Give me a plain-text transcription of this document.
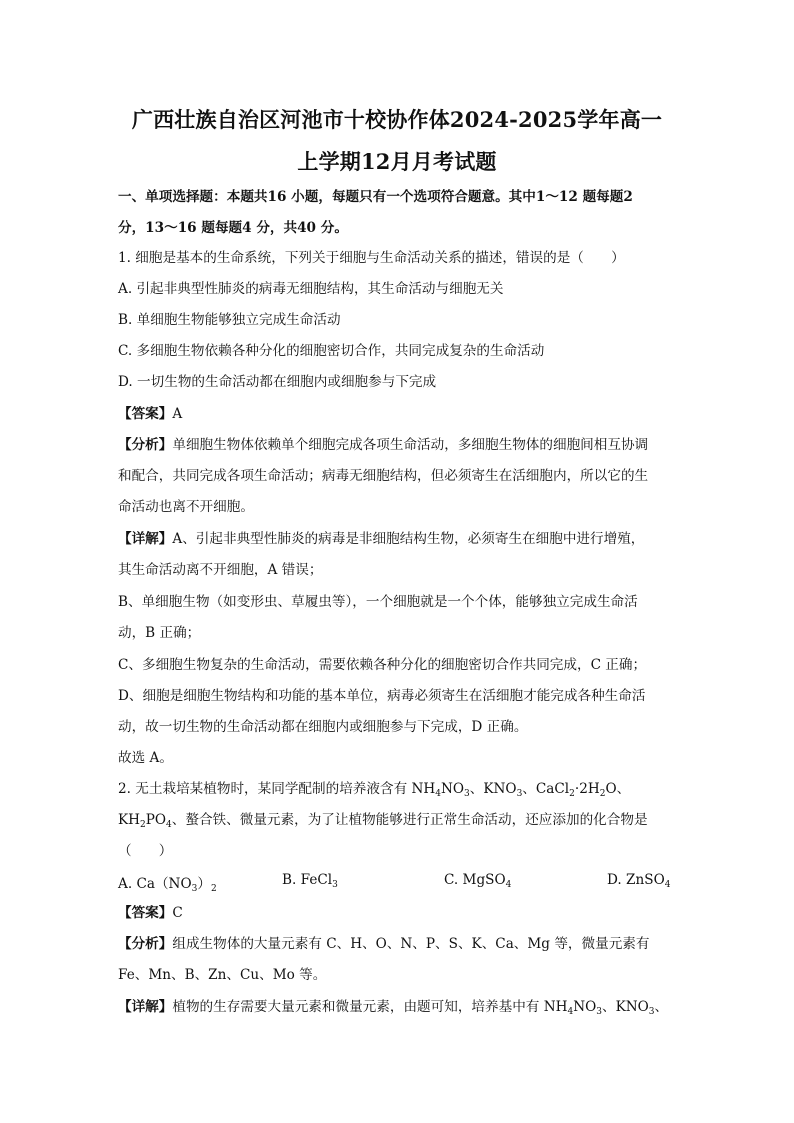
广西壮族自治区河池市十校协作体2024-2025学年高一
上学期12月月考试题
一、单项选择题：本题共16 小题，每题只有一个选项符合题意。其中1～12 题每题2
分，13～16 题每题4 分，共40 分。
1. 细胞是基本的生命系统，下列关于细胞与生命活动关系的描述，错误的是（　　）
A. 引起非典型性肺炎的病毒无细胞结构，其生命活动与细胞无关
B. 单细胞生物能够独立完成生命活动
C. 多细胞生物依赖各种分化的细胞密切合作，共同完成复杂的生命活动
D. 一切生物的生命活动都在细胞内或细胞参与下完成
【答案】A
【分析】单细胞生物体依赖单个细胞完成各项生命活动，多细胞生物体的细胞间相互协调
和配合，共同完成各项生命活动；病毒无细胞结构，但必须寄生在活细胞内，所以它的生
命活动也离不开细胞。
【详解】A、引起非典型性肺炎的病毒是非细胞结构生物，必须寄生在细胞中进行增殖，
其生命活动离不开细胞，A 错误；
B、单细胞生物（如变形虫、草履虫等），一个细胞就是一个个体，能够独立完成生命活
动，B 正确；
C、多细胞生物复杂的生命活动，需要依赖各种分化的细胞密切合作共同完成，C 正确；
D、细胞是细胞生物结构和功能的基本单位，病毒必须寄生在活细胞才能完成各种生命活
动，故一切生物的生命活动都在细胞内或细胞参与下完成，D 正确。
故选 A。
2. 无土栽培某植物时，某同学配制的培养液含有 $NH_4NO_3$、$KNO_3$、$CaCl_2\cdot 2H_2O$、
$KH_2PO_4$、螯合铁、微量元素，为了让植物能够进行正常生命活动，还应添加的化合物是
（　　）
A. $Ca(NO_3)_2$
B. FeCl$_3$	C. MgSO$_4$	D. ZnSO$_4$
【答案】C
【分析】组成生物体的大量元素有 C、H、O、N、P、S、K、Ca、Mg 等，微量元素有
Fe、Mn、B、Zn、Cu、Mo 等。
【详解】植物的生存需要大量元素和微量元素，由题可知，培养基中有 $NH_4NO_3$、$KNO_3$、
